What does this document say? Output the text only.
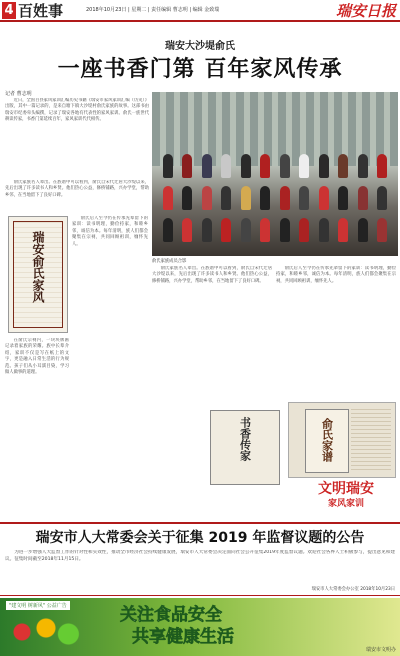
4 百姓事	2018年10月23日 | 星期二 | 责任编辑 曹志明 | 编辑 金致瑞	瑞安日报
瑞安大沙堤俞氏
一座书香门第 百年家风传承
记者 曹志明

近日，全国百县家风家训汇编历史书籍《瑞安市家风家训汇编（历史）》出版，其中一篇记录的，是来自塘下镇大沙堤村俞氏家族的故事。这部书由瑞安市纪委牵头编撰，记录了瑞安各地有代表性的家风家训。俞氏一族世代耕读传家，书香门第延续百年，家风家训代代相传。

俞氏家族成员合影

俞氏家族名人辈出。在族谱中可以看到，俞氏自宋代迁居大沙堤以来，先后出现了许多读书人和乡贤。他们热心公益，修桥铺路，兴办学堂，帮助乡邻，在当地留下了良好口碑。

瑞安俞氏家风

俞氏后人至今仍在传承先辈留下的家训：读书明理，勤俭持家，和睦乡邻，诚信为本。每年清明，族人们都会聚集在宗祠，共同回顾祖训，缅怀先人。

在俞氏宗祠内，一块块牌匾记录着家族的荣耀。族中长辈介绍，家训不仅是写在纸上的文字，更是融入日常生活的行为规范。孩子们从小耳濡目染，学习做人做事的道理。

俞氏家族名人辈出。在族谱中可以看到，俞氏自宋代迁居大沙堤以来，先后出现了许多读书人和乡贤。他们热心公益，修桥铺路，兴办学堂，帮助乡邻，在当地留下了良好口碑。

俞氏后人至今仍在传承先辈留下的家训：读书明理，勤俭持家，和睦乡邻，诚信为本。每年清明，族人们都会聚集在宗祠，共同回顾祖训，缅怀先人。

书香传家	俞氏家谱
文明瑞安
家风家训
瑞安市人大常委会关于征集 2019 年监督议题的公告

为进一步增强人大监督工作的针对性和实效性，推动全市经济社会持续健康发展，瑞安市人大常委会决定面向社会公开征集2019年度监督议题。欢迎社会各界人士积极参与，提出意见和建议。征集时间截至2018年11月15日。

瑞安市人大常委会办公室 2018年10月23日
"建文明 树新风" 公益广告	关注食品安全
共享健康生活
瑞安市文明办
